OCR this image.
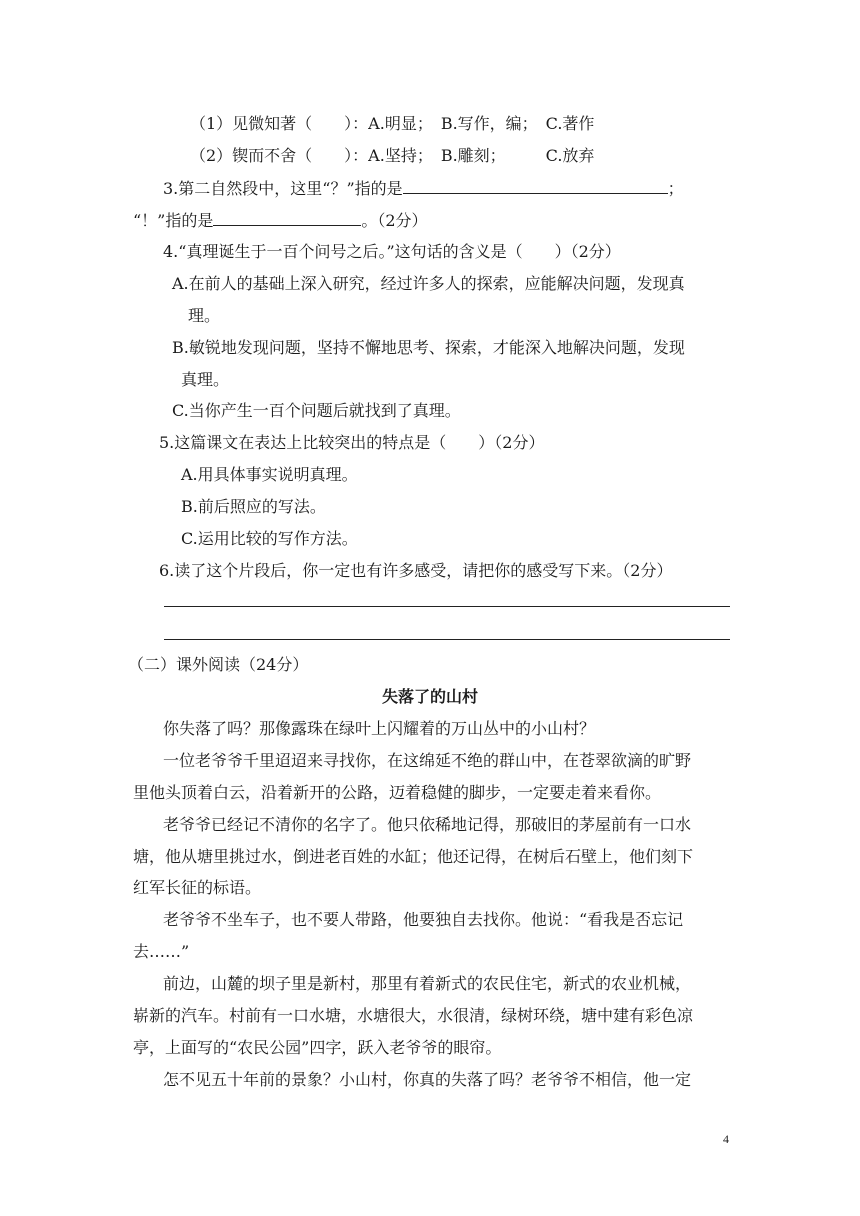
（1）见微知著（　　）：A.明显；　B.写作，编；　C.著作
（2）锲而不舍（　　）：A.坚持；　B.雕刻；　　　C.放弃
3.第二自然段中，这里“？”指的是	；
“！”指的是	。（2分）
4.“真理诞生于一百个问号之后。”这句话的含义是（　　）（2分）
A.在前人的基础上深入研究，经过许多人的探索，应能解决问题，发现真
理。
B.敏锐地发现问题，坚持不懈地思考、探索，才能深入地解决问题，发现
真理。
C.当你产生一百个问题后就找到了真理。
5.这篇课文在表达上比较突出的特点是（　　）（2分）
A.用具体事实说明真理。
B.前后照应的写法。
C.运用比较的写作方法。
6.读了这个片段后，你一定也有许多感受，请把你的感受写下来。（2分）
（二）课外阅读（24分）
失落了的山村
你失落了吗？那像露珠在绿叶上闪耀着的万山丛中的小山村？
一位老爷爷千里迢迢来寻找你，在这绵延不绝的群山中，在苍翠欲滴的旷野
里他头顶着白云，沿着新开的公路，迈着稳健的脚步，一定要走着来看你。
老爷爷已经记不清你的名字了。他只依稀地记得，那破旧的茅屋前有一口水
塘，他从塘里挑过水，倒进老百姓的水缸；他还记得，在树后石壁上，他们刻下
红军长征的标语。
老爷爷不坐车子，也不要人带路，他要独自去找你。他说：“看我是否忘记
去……”
前边，山麓的坝子里是新村，那里有着新式的农民住宅，新式的农业机械，
崭新的汽车。村前有一口水塘，水塘很大，水很清，绿树环绕，塘中建有彩色凉
亭，上面写的“农民公园”四字，跃入老爷爷的眼帘。
怎不见五十年前的景象？小山村，你真的失落了吗？老爷爷不相信，他一定
4
